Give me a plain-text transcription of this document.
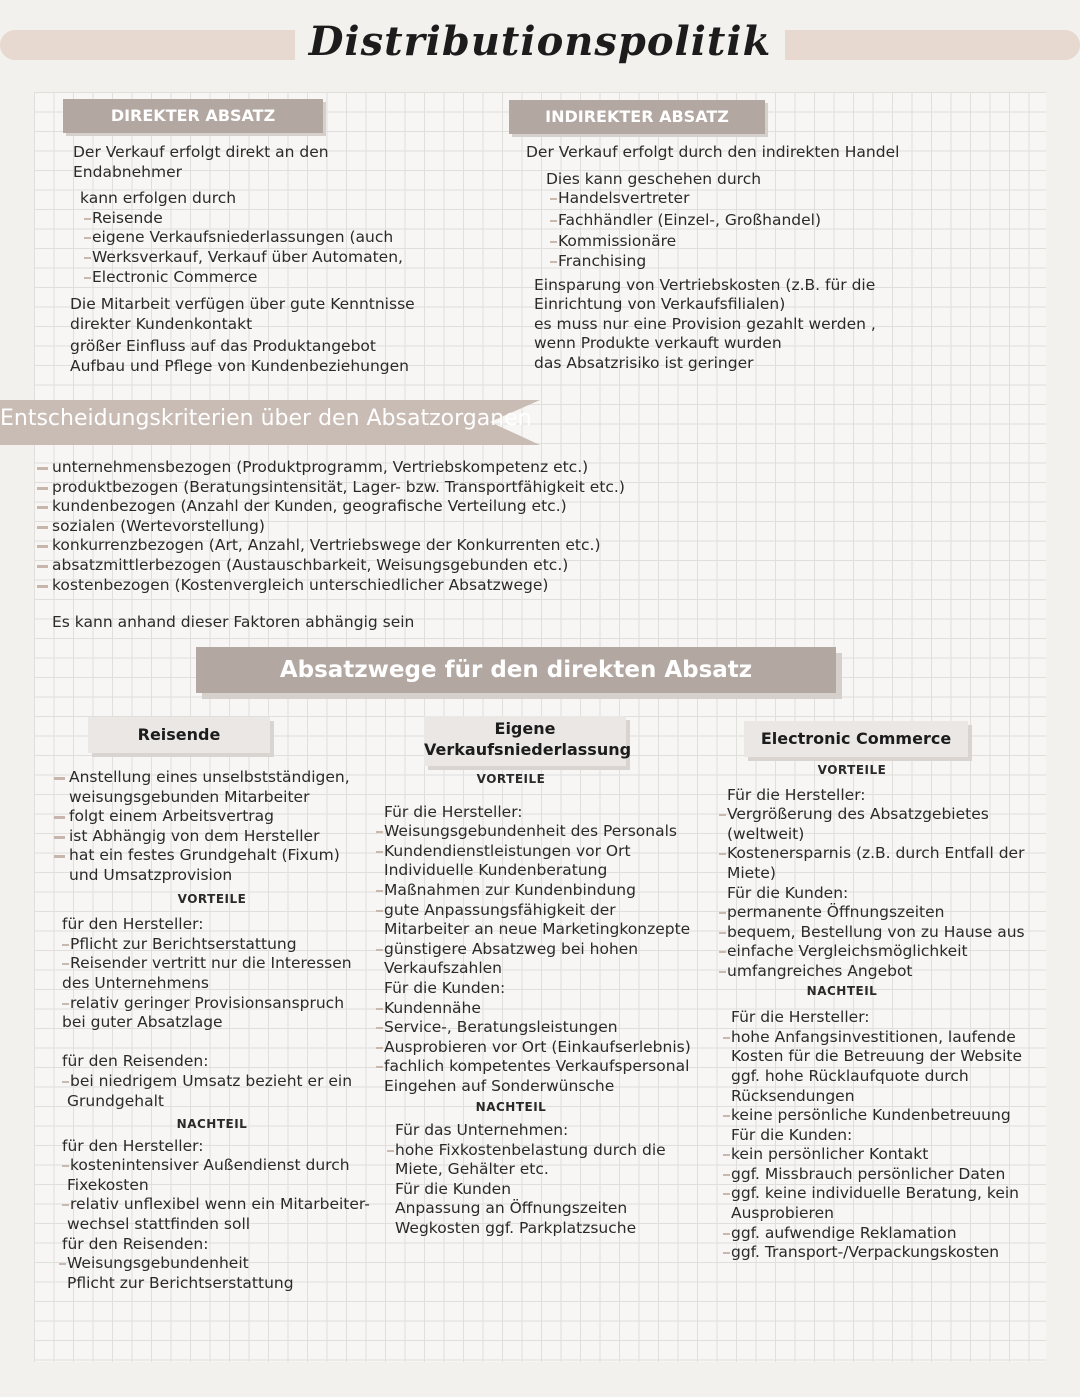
Distributionspolitik
DIREKTER ABSATZ
Der Verkauf erfolgt direkt an den
Endabnehmer
kann erfolgen durch
Reisende
eigene Verkaufsniederlassungen (auch
Werksverkauf, Verkauf über Automaten,
Electronic Commerce
Die Mitarbeit verfügen über gute Kenntnisse
direkter Kundenkontakt
größer Einfluss auf das Produktangebot
Aufbau und Pflege von Kundenbeziehungen
INDIREKTER ABSATZ
Der Verkauf erfolgt durch den indirekten Handel
Dies kann geschehen durch
Handelsvertreter
Fachhändler (Einzel-, Großhandel)
Kommissionäre
Franchising
Einsparung von Vertriebskosten (z.B. für die
Einrichtung von Verkaufsfilialen)
es muss nur eine Provision gezahlt werden ,
wenn Produkte verkauft wurden
das Absatzrisiko ist geringer
Entscheidungskriterien über den Absatzorganen
unternehmensbezogen (Produktprogramm, Vertriebskompetenz etc.)
produktbezogen (Beratungsintensität, Lager- bzw. Transportfähigkeit etc.)
kundenbezogen (Anzahl der Kunden, geografische Verteilung etc.)
sozialen (Wertevorstellung)
konkurrenzbezogen (Art, Anzahl, Vertriebswege der Konkurrenten etc.)
absatzmittlerbezogen (Austauschbarkeit, Weisungsgebunden etc.)
kostenbezogen (Kostenvergleich unterschiedlicher Absatzwege)
Es kann anhand dieser Faktoren abhängig sein
Absatzwege für den direkten Absatz
Reisende
Anstellung eines unselbstständigen,
weisungsgebunden Mitarbeiter
folgt einem Arbeitsvertrag
ist Abhängig von dem Hersteller
hat ein festes Grundgehalt (Fixum)
und Umsatzprovision
VORTEILE
für den Hersteller:
Pflicht zur Berichtserstattung
Reisender vertritt nur die Interessen
des Unternehmens
relativ geringer Provisionsanspruch
bei guter Absatzlage
für den Reisenden:
bei niedrigem Umsatz bezieht er ein
Grundgehalt
NACHTEIL
für den Hersteller:
kostenintensiver Außendienst durch
Fixekosten
relativ unflexibel wenn ein Mitarbeiter-
wechsel stattfinden soll
für den Reisenden:
Weisungsgebundenheit
Pflicht zur Berichtserstattung
Eigene
Verkaufsniederlassung
VORTEILE
Für die Hersteller:
Weisungsgebundenheit des Personals
Kundendienstleistungen vor Ort
Individuelle Kundenberatung
Maßnahmen zur Kundenbindung
gute Anpassungsfähigkeit der
Mitarbeiter an neue Marketingkonzepte
günstigere Absatzweg bei hohen
Verkaufszahlen
Für die Kunden:
Kundennähe
Service-, Beratungsleistungen
Ausprobieren vor Ort (Einkaufserlebnis)
fachlich kompetentes Verkaufspersonal
Eingehen auf Sonderwünsche
NACHTEIL
Für das Unternehmen:
hohe Fixkostenbelastung durch die
Miete, Gehälter etc.
Für die Kunden
Anpassung an Öffnungszeiten
Wegkosten ggf. Parkplatzsuche
Electronic Commerce
VORTEILE
Für die Hersteller:
Vergrößerung des Absatzgebietes
(weltweit)
Kostenersparnis (z.B. durch Entfall der
Miete)
Für die Kunden:
permanente Öffnungszeiten
bequem, Bestellung von zu Hause aus
einfache Vergleichsmöglichkeit
umfangreiches Angebot
NACHTEIL
Für die Hersteller:
hohe Anfangsinvestitionen, laufende
Kosten für die Betreuung der Website
ggf. hohe Rücklaufquote durch
Rücksendungen
keine persönliche Kundenbetreuung
Für die Kunden:
kein persönlicher Kontakt
ggf. Missbrauch persönlicher Daten
ggf. keine individuelle Beratung, kein
Ausprobieren
ggf. aufwendige Reklamation
ggf. Transport-/Verpackungskosten
